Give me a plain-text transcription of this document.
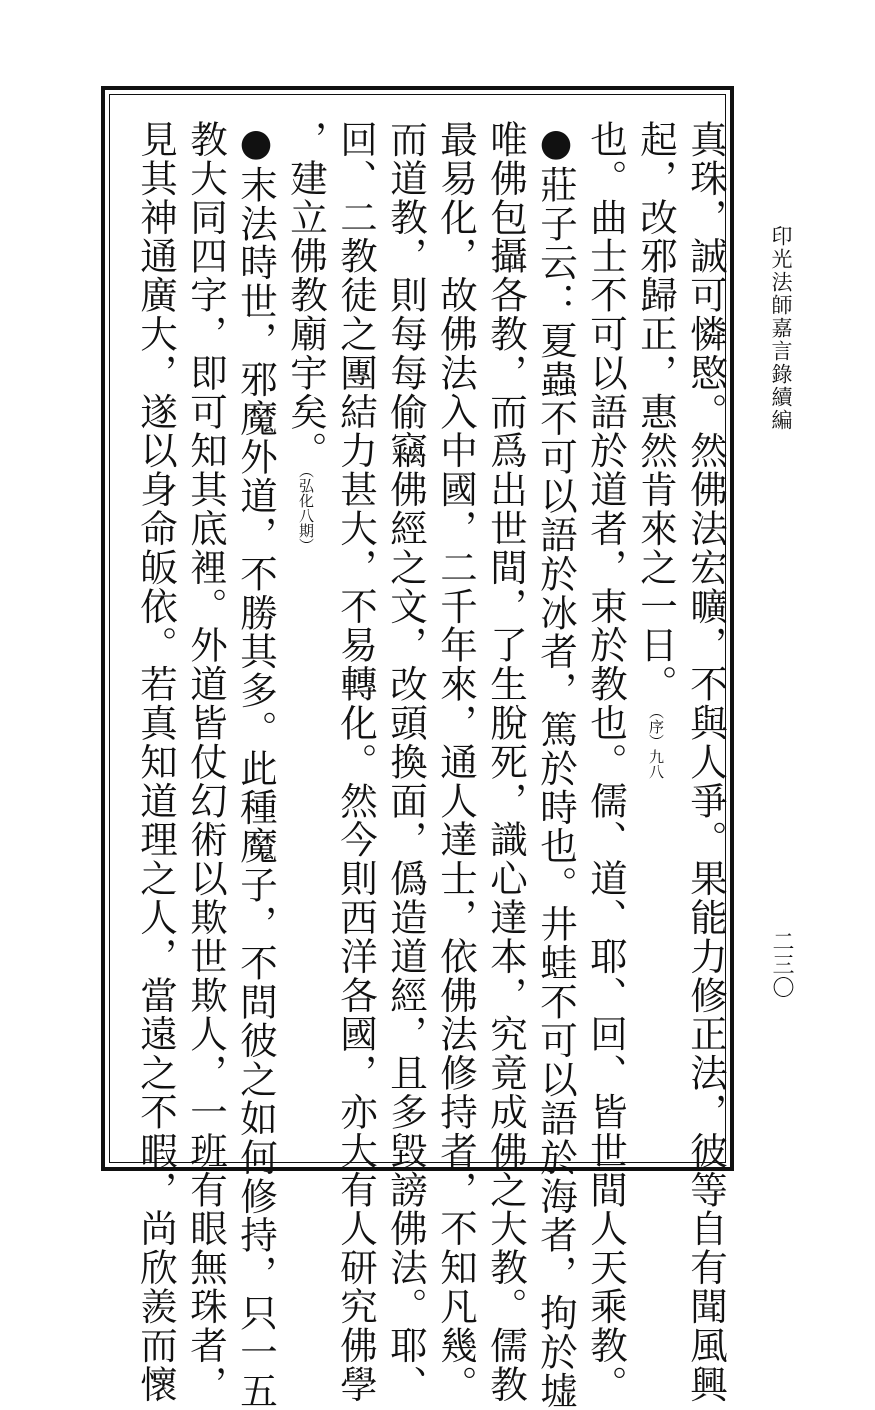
印光法師嘉言錄續編
二三〇
真珠，誠可憐愍。然佛法宏曠，不與人爭。果能力修正法，彼等自有聞風興
起，改邪歸正，惠然肯來之一日。（序）九八
也。曲士不可以語於道者，束於教也。儒、道、耶、回、皆世間人天乘教。
●莊子云：夏蟲不可以語於冰者，篤於時也。井蛙不可以語於海者，拘於墟
唯佛包攝各教，而爲出世間，了生脫死，識心達本，究竟成佛之大教。儒教
最易化，故佛法入中國，二千年來，通人達士，依佛法修持者，不知凡幾。
而道教，則每每偷竊佛經之文，改頭換面，僞造道經，且多毀謗佛法。耶、
回、二教徒之團結力甚大，不易轉化。然今則西洋各國，亦大有人研究佛學
，建立佛教廟宇矣。（弘化八期）
●末法時世，邪魔外道，不勝其多。此種魔子，不問彼之如何修持，只一五
教大同四字，即可知其底裡。外道皆仗幻術以欺世欺人，一班有眼無珠者，
見其神通廣大，遂以身命皈依。若真知道理之人，當遠之不暇，尚欣羨而懷
